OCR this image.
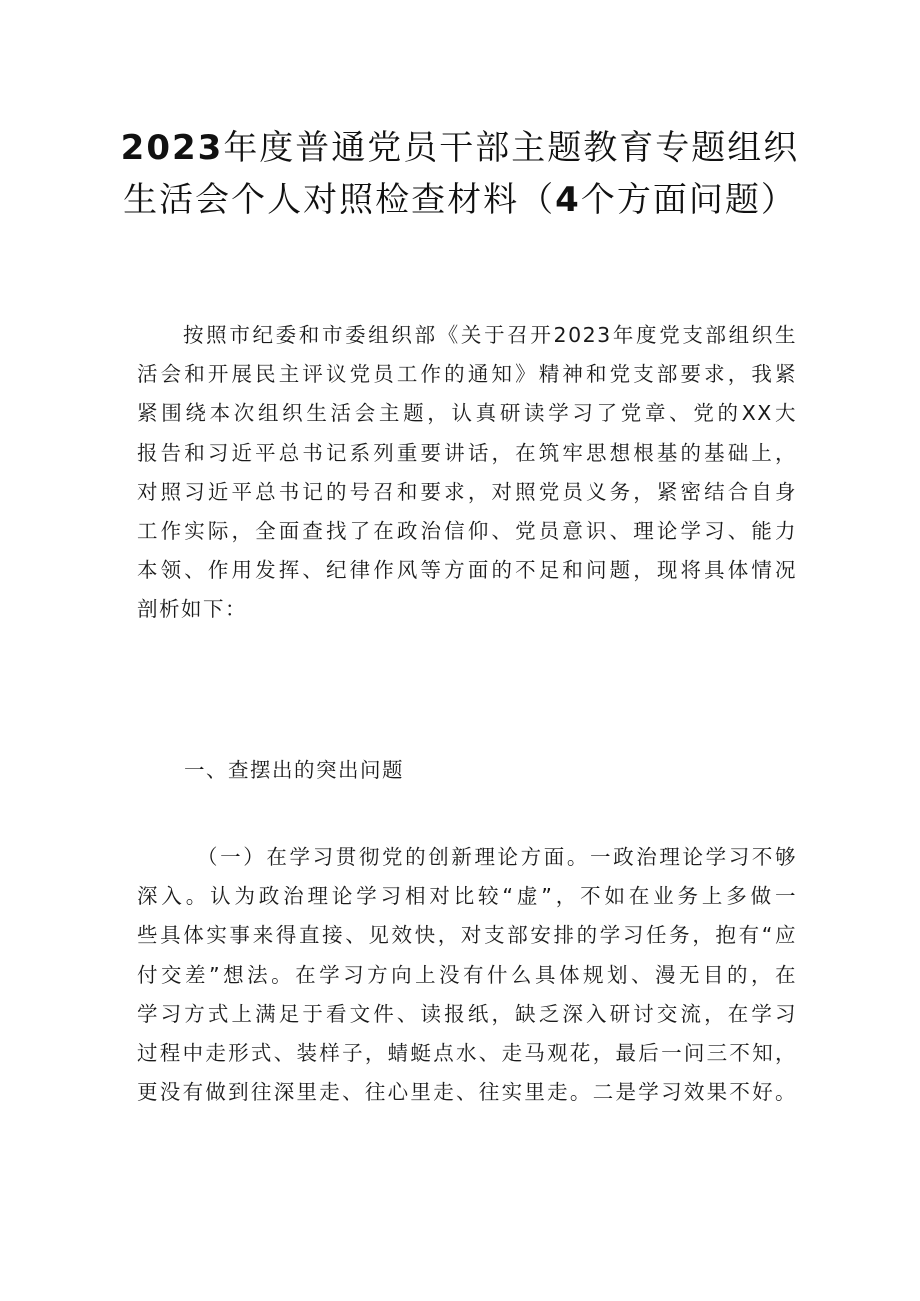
2023年度普通党员干部主题教育专题组织
生活会个人对照检查材料（4个方面问题）
按照市纪委和市委组织部《关于召开2023年度党支部组织生
活会和开展民主评议党员工作的通知》精神和党支部要求，我紧
紧围绕本次组织生活会主题，认真研读学习了党章、党的XX大
报告和习近平总书记系列重要讲话，在筑牢思想根基的基础上，
对照习近平总书记的号召和要求，对照党员义务，紧密结合自身
工作实际，全面查找了在政治信仰、党员意识、理论学习、能力
本领、作用发挥、纪律作风等方面的不足和问题，现将具体情况
剖析如下：

一、查摆出的突出问题

（一）在学习贯彻党的创新理论方面。一政治理论学习不够
深入。认为政治理论学习相对比较“虚”，不如在业务上多做一
些具体实事来得直接、见效快，对支部安排的学习任务，抱有“应
付交差”想法。在学习方向上没有什么具体规划、漫无目的，在
学习方式上满足于看文件、读报纸，缺乏深入研讨交流，在学习
过程中走形式、装样子，蜻蜓点水、走马观花，最后一问三不知，
更没有做到往深里走、往心里走、往实里走。二是学习效果不好。
